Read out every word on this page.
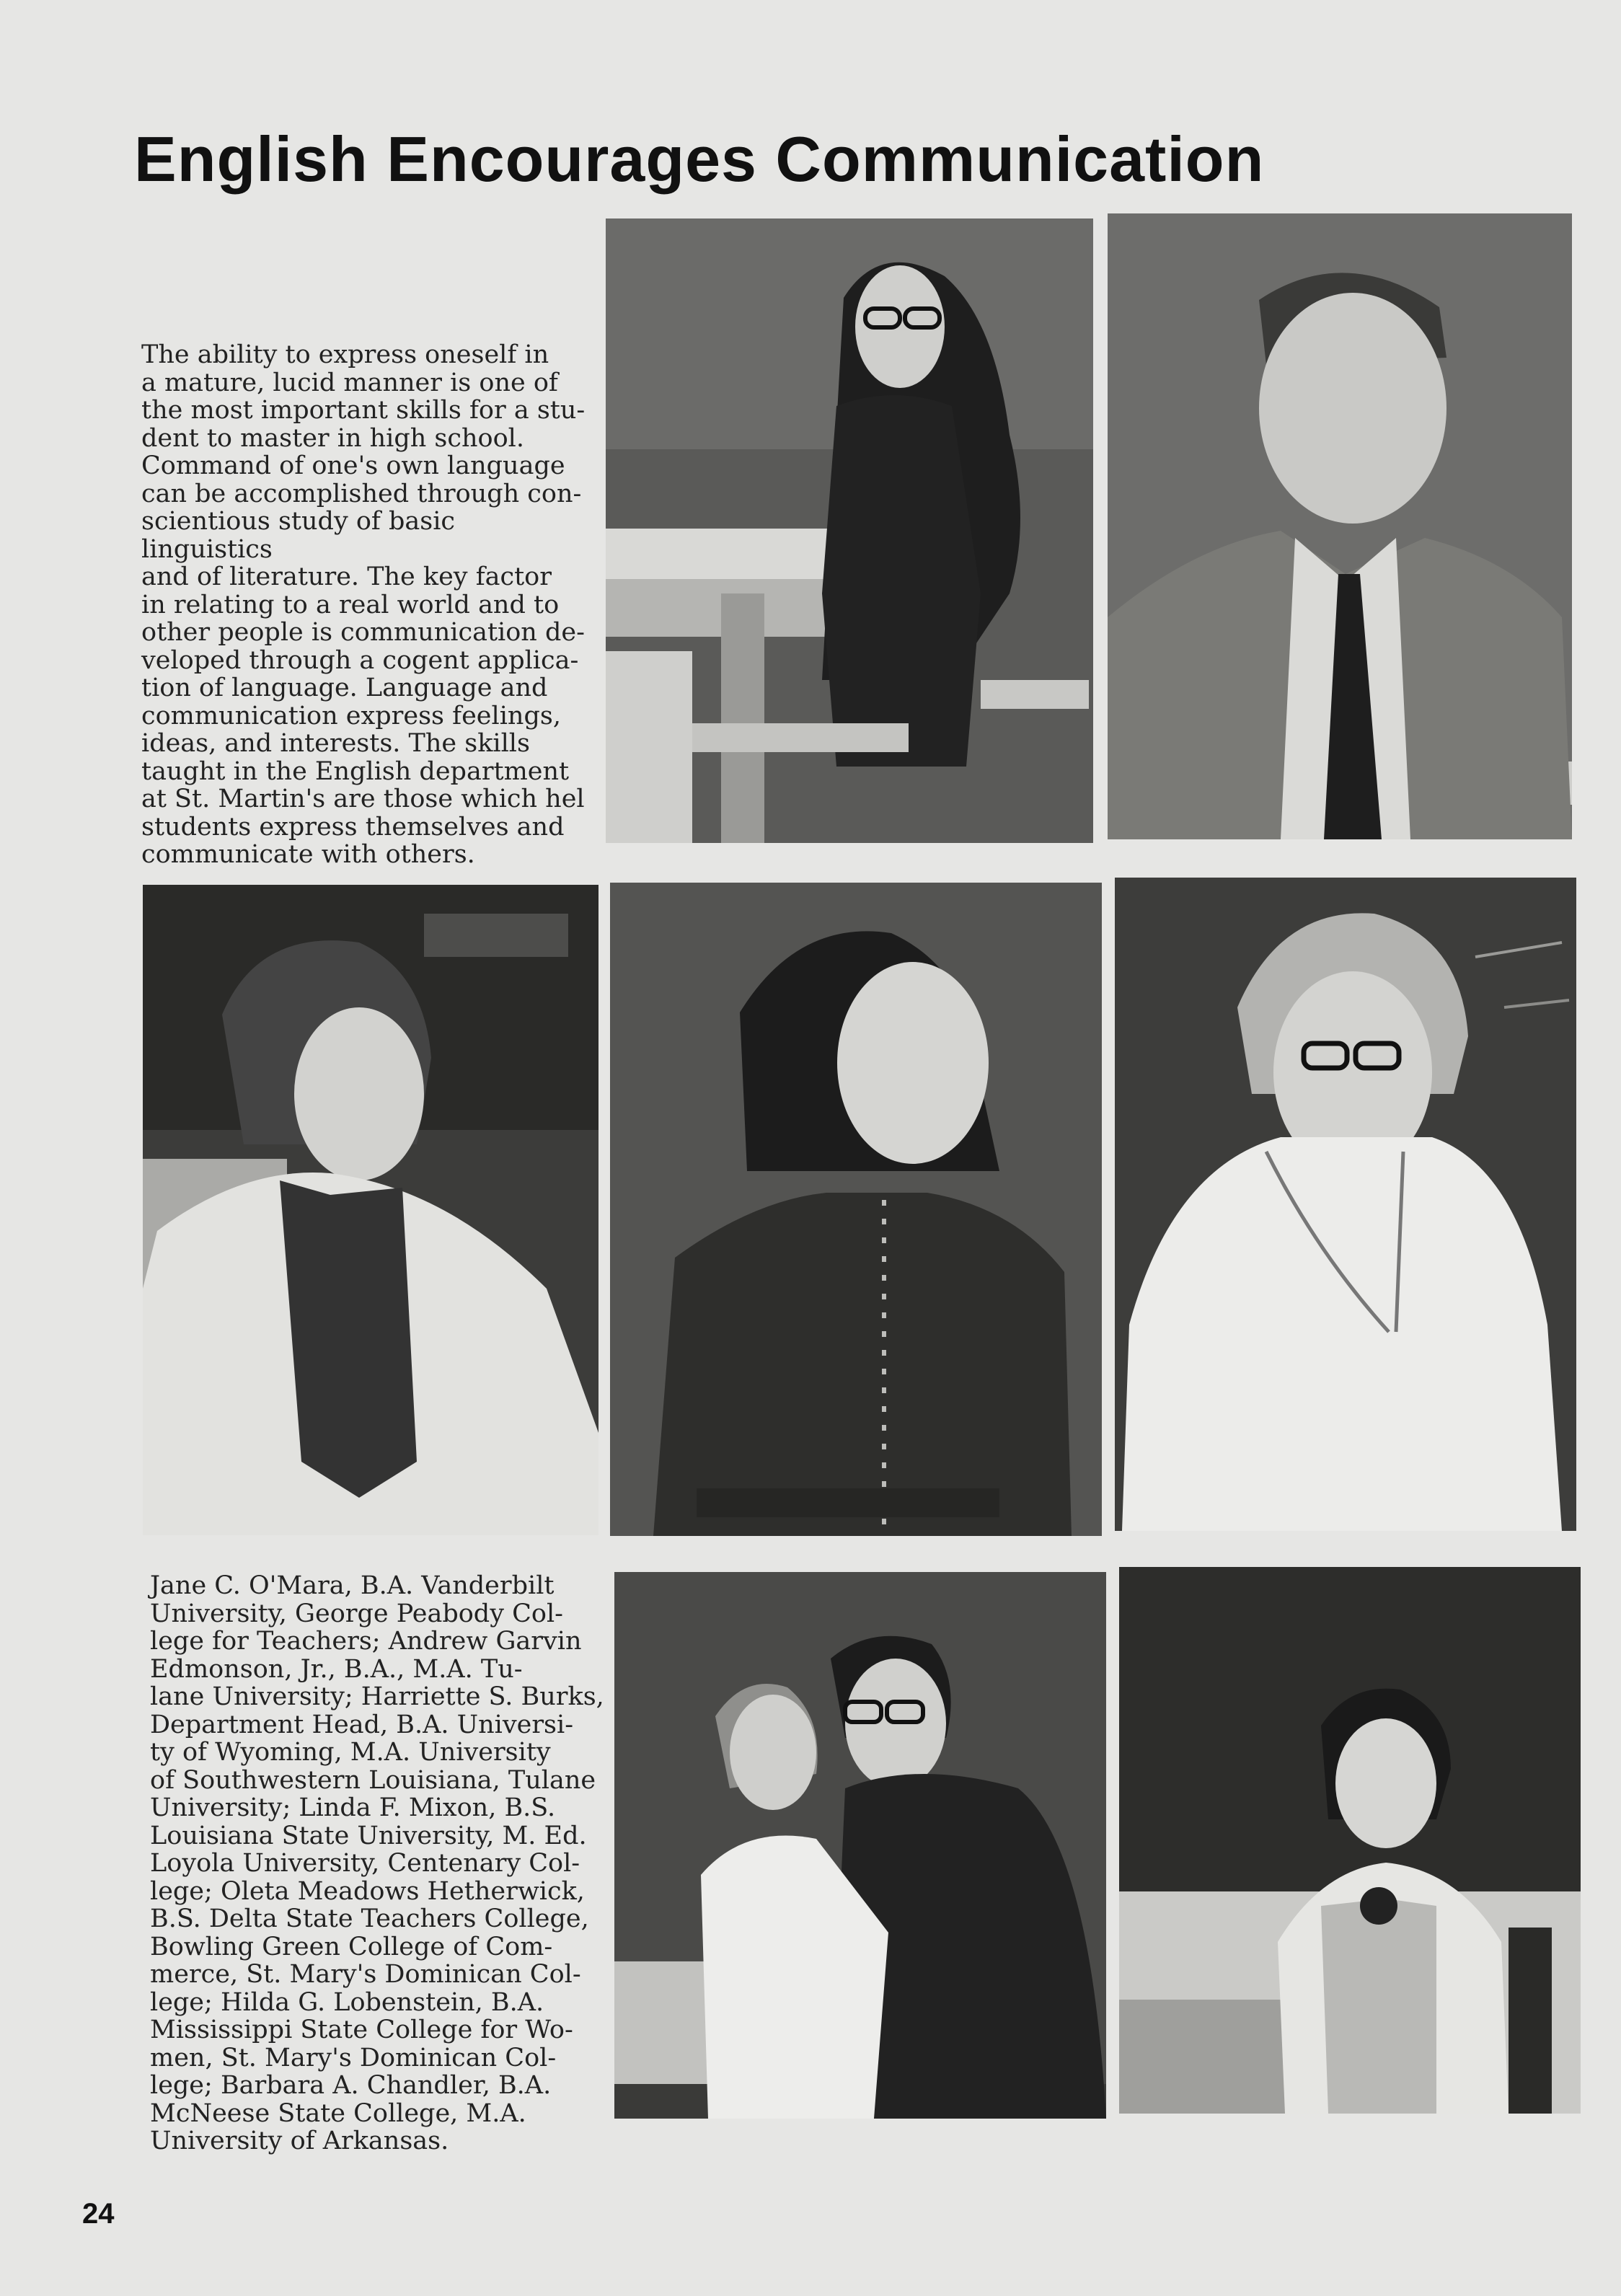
English Encourages Communication

The ability to express oneself in
a mature, lucid manner is one of
the most important skills for a stu-
dent to master in high school.
Command of one's own language
can be accomplished through con-
scientious study of basic linguistics
and of literature. The key factor
in relating to a real world and to
other people is communication de-
veloped through a cogent applica-
tion of language. Language and
communication express feelings,
ideas, and interests. The skills
taught in the English department
at St. Martin's are those which hel
students express themselves and
communicate with others.

Jane C. O'Mara, B.A. Vanderbilt
University, George Peabody Col-
lege for Teachers; Andrew Garvin
Edmonson, Jr., B.A., M.A. Tu-
lane University; Harriette S. Burks,
Department Head, B.A. Universi-
ty of Wyoming, M.A. University
of Southwestern Louisiana, Tulane
University; Linda F. Mixon, B.S.
Louisiana State University, M. Ed.
Loyola University, Centenary Col-
lege; Oleta Meadows Hetherwick,
B.S. Delta State Teachers College,
Bowling Green College of Com-
merce, St. Mary's Dominican Col-
lege; Hilda G. Lobenstein, B.A.
Mississippi State College for Wo-
men, St. Mary's Dominican Col-
lege; Barbara A. Chandler, B.A.
McNeese State College, M.A.
University of Arkansas.

24
